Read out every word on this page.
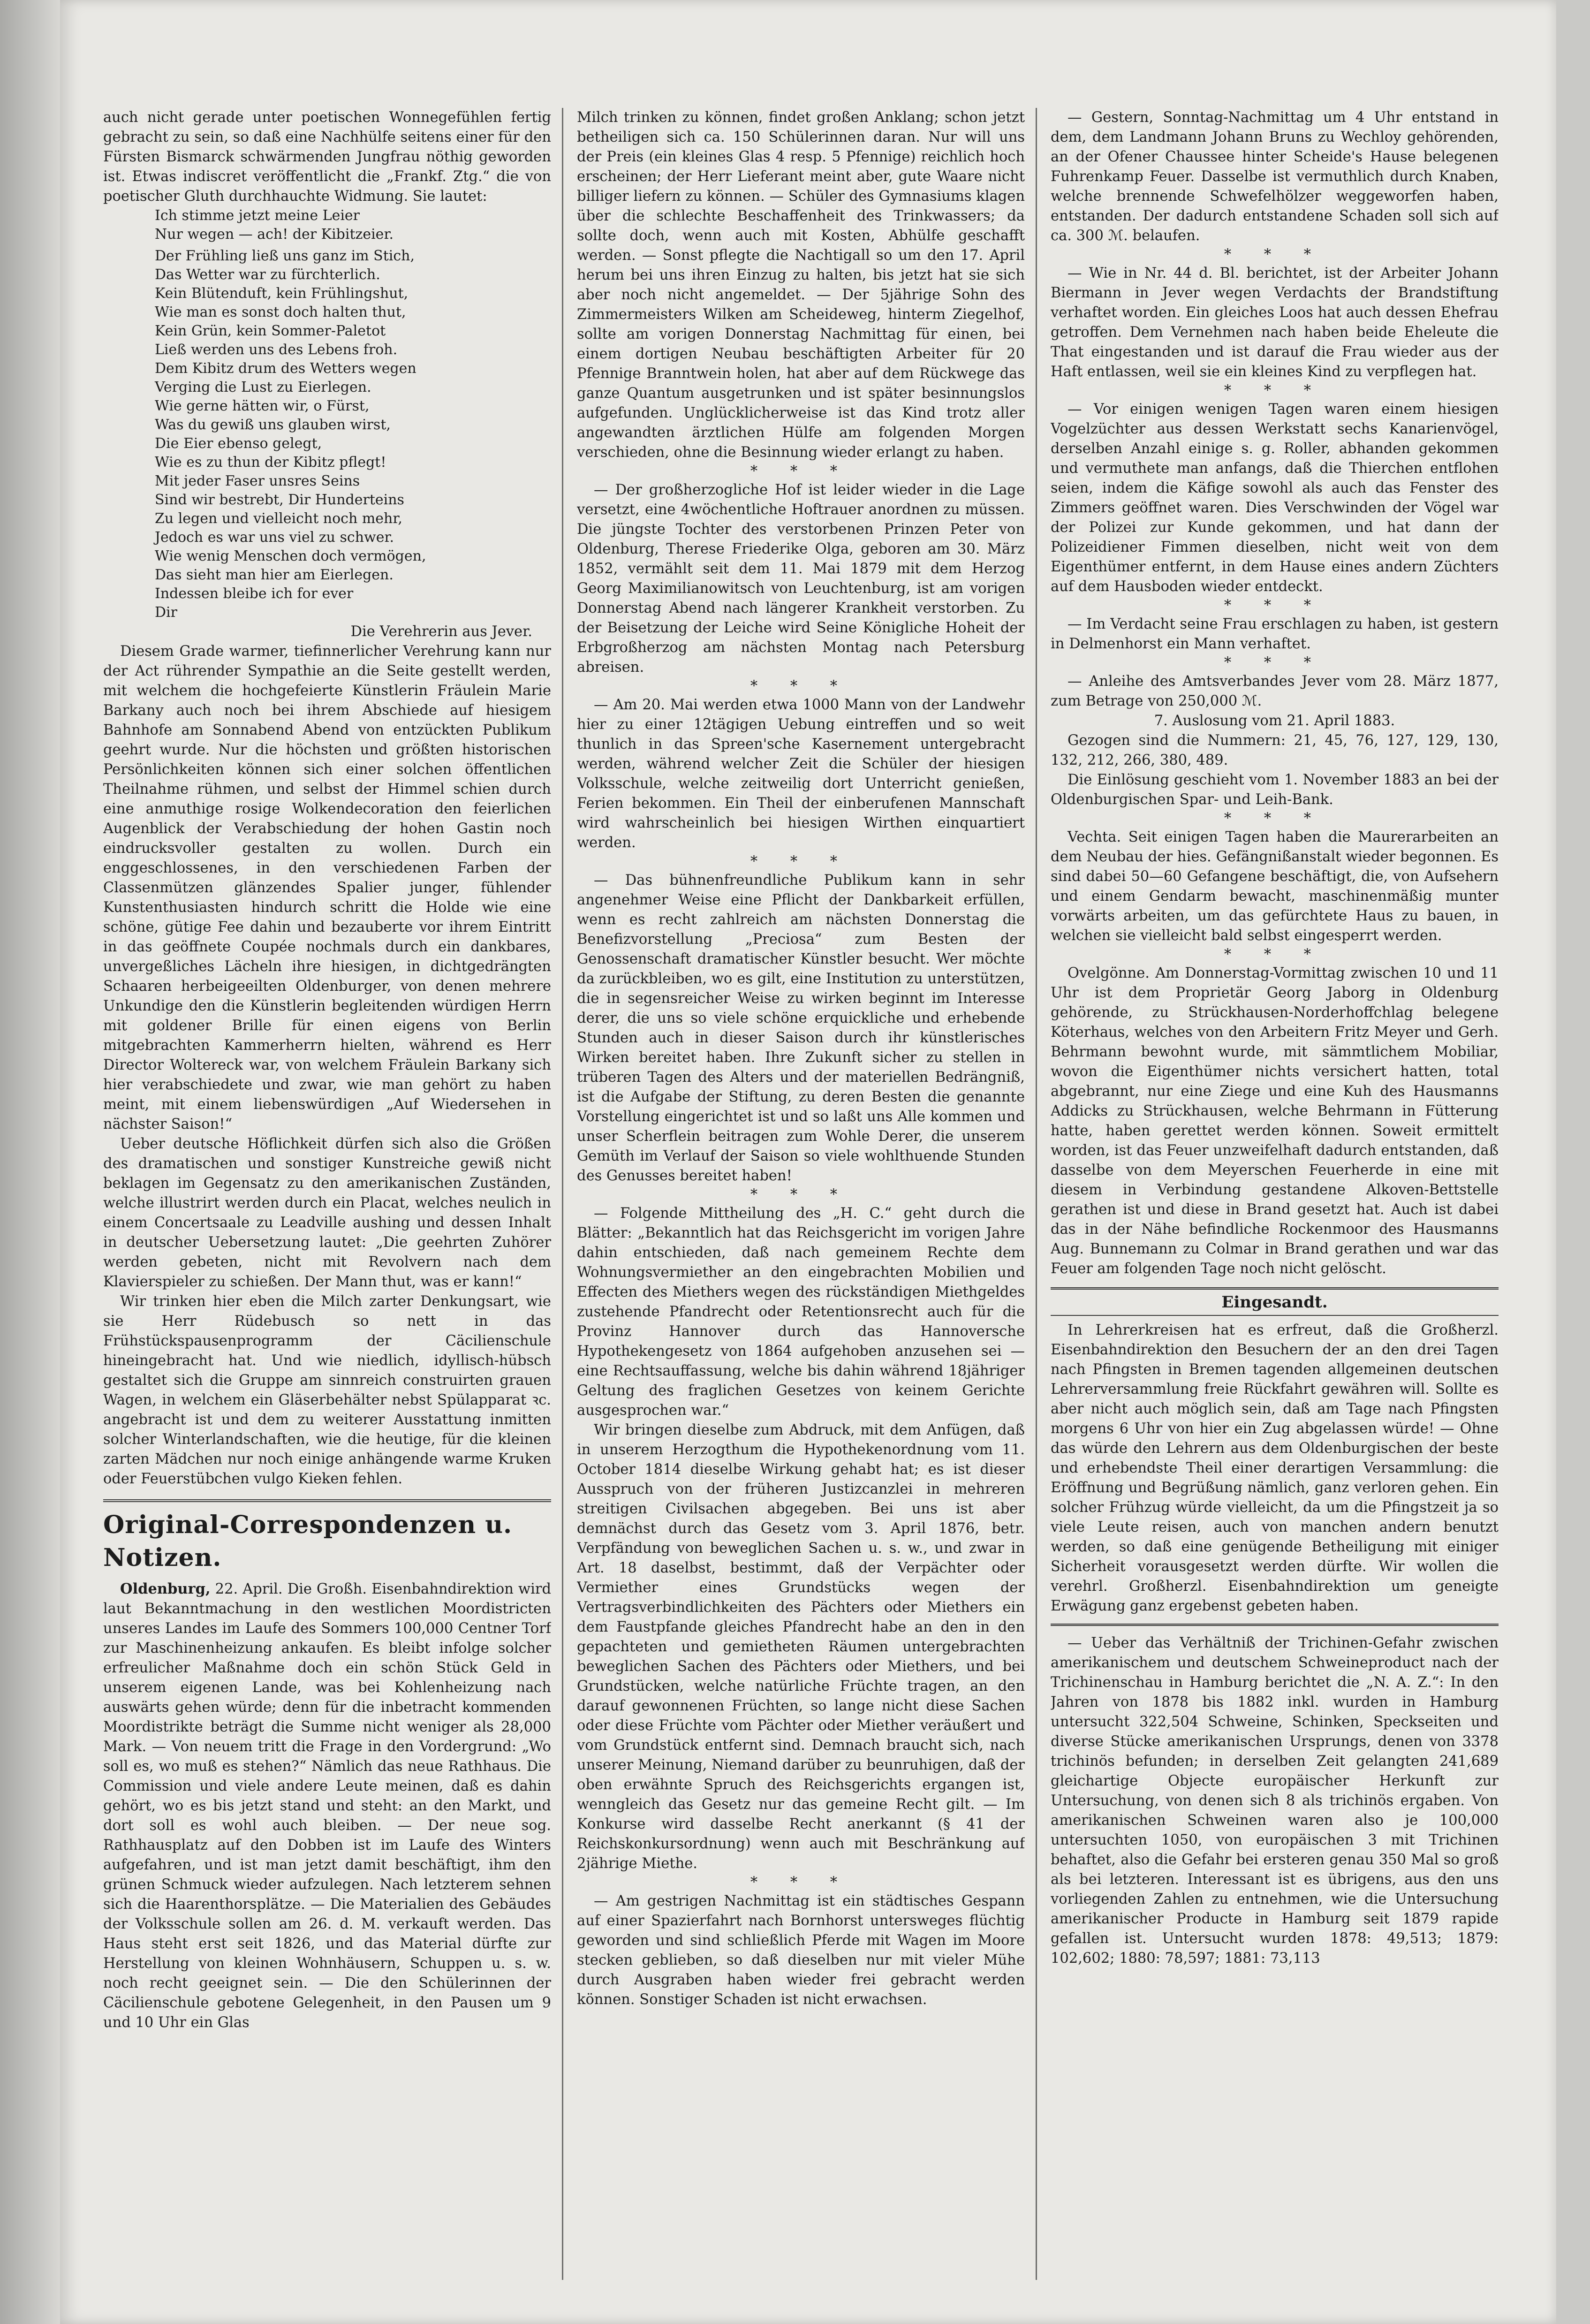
auch nicht gerade unter poetischen Wonnegefühlen fertig gebracht zu sein, so daß eine Nachhülfe seitens einer für den Fürsten Bismarck schwärmenden Jungfrau nöthig geworden ist. Etwas indiscret veröffentlicht die „Frankf. Ztg.“ die von poetischer Gluth durchhauchte Widmung. Sie lautet:

Ich stimme jetzt meine Leier
Nur wegen — ach! der Kibitzeier.
Der Frühling ließ uns ganz im Stich,
Das Wetter war zu fürchterlich.
Kein Blütenduft, kein Frühlingshut,
Wie man es sonst doch halten thut,
Kein Grün, kein Sommer-Paletot
Ließ werden uns des Lebens froh.
Dem Kibitz drum des Wetters wegen
Verging die Lust zu Eierlegen.
Wie gerne hätten wir, o Fürst,
Was du gewiß uns glauben wirst,
Die Eier ebenso gelegt,
Wie es zu thun der Kibitz pflegt!
Mit jeder Faser unsres Seins
Sind wir bestrebt, Dir Hunderteins
Zu legen und vielleicht noch mehr,
Jedoch es war uns viel zu schwer.
Wie wenig Menschen doch vermögen,
Das sieht man hier am Eierlegen.
Indessen bleibe ich for ever
Dir

Die Verehrerin aus Jever.

Diesem Grade warmer, tiefinnerlicher Verehrung kann nur der Act rührender Sympathie an die Seite gestellt werden, mit welchem die hochgefeierte Künstlerin Fräulein Marie Barkany auch noch bei ihrem Abschiede auf hiesigem Bahnhofe am Sonnabend Abend von entzückten Publikum geehrt wurde. Nur die höchsten und größten historischen Persönlichkeiten können sich einer solchen öffentlichen Theilnahme rühmen, und selbst der Himmel schien durch eine anmuthige rosige Wolkendecoration den feierlichen Augenblick der Verabschiedung der hohen Gastin noch eindrucksvoller gestalten zu wollen. Durch ein enggeschlossenes, in den verschiedenen Farben der Classenmützen glänzendes Spalier junger, fühlender Kunstenthusiasten hindurch schritt die Holde wie eine schöne, gütige Fee dahin und bezauberte vor ihrem Eintritt in das geöffnete Coupée nochmals durch ein dankbares, unvergeßliches Lächeln ihre hiesigen, in dichtgedrängten Schaaren herbeigeeilten Oldenburger, von denen mehrere Unkundige den die Künstlerin begleitenden würdigen Herrn mit goldener Brille für einen eigens von Berlin mitgebrachten Kammerherrn hielten, während es Herr Director Woltereck war, von welchem Fräulein Barkany sich hier verabschiedete und zwar, wie man gehört zu haben meint, mit einem liebenswürdigen „Auf Wiedersehen in nächster Saison!“

Ueber deutsche Höflichkeit dürfen sich also die Größen des dramatischen und sonstiger Kunstreiche gewiß nicht beklagen im Gegensatz zu den amerikanischen Zuständen, welche illustrirt werden durch ein Placat, welches neulich in einem Concertsaale zu Leadville aushing und dessen Inhalt in deutscher Uebersetzung lautet: „Die geehrten Zuhörer werden gebeten, nicht mit Revolvern nach dem Klavierspieler zu schießen. Der Mann thut, was er kann!“

Wir trinken hier eben die Milch zarter Denkungsart, wie sie Herr Rüdebusch so nett in das Frühstückspausenprogramm der Cäcilienschule hineingebracht hat. Und wie niedlich, idyllisch-hübsch gestaltet sich die Gruppe am sinnreich construirten grauen Wagen, in welchem ein Gläserbehälter nebst Spülapparat ꝛc. angebracht ist und dem zu weiterer Ausstattung inmitten solcher Winterlandschaften, wie die heutige, für die kleinen zarten Mädchen nur noch einige anhängende warme Kruken oder Feuerstübchen vulgo Kieken fehlen.

Original-Correspondenzen u. Notizen.

Oldenburg, 22. April. Die Großh. Eisenbahndirektion wird laut Bekanntmachung in den westlichen Moordistricten unseres Landes im Laufe des Sommers 100,000 Centner Torf zur Maschinenheizung ankaufen. Es bleibt infolge solcher erfreulicher Maßnahme doch ein schön Stück Geld in unserem eigenen Lande, was bei Kohlenheizung nach auswärts gehen würde; denn für die inbetracht kommenden Moordistrikte beträgt die Summe nicht weniger als 28,000 Mark. — Von neuem tritt die Frage in den Vordergrund: „Wo soll es, wo muß es stehen?“ Nämlich das neue Rathhaus. Die Commission und viele andere Leute meinen, daß es dahin gehört, wo es bis jetzt stand und steht: an den Markt, und dort soll es wohl auch bleiben. — Der neue sog. Rathhausplatz auf den Dobben ist im Laufe des Winters aufgefahren, und ist man jetzt damit beschäftigt, ihm den grünen Schmuck wieder aufzulegen. Nach letzterem sehnen sich die Haarenthorsplätze. — Die Materialien des Gebäudes der Volksschule sollen am 26. d. M. verkauft werden. Das Haus steht erst seit 1826, und das Material dürfte zur Herstellung von kleinen Wohnhäusern, Schuppen u. s. w. noch recht geeignet sein. — Die den Schülerinnen der Cäcilienschule gebotene Gelegenheit, in den Pausen um 9 und 10 Uhr ein Glas

Milch trinken zu können, findet großen Anklang; schon jetzt betheiligen sich ca. 150 Schülerinnen daran. Nur will uns der Preis (ein kleines Glas 4 resp. 5 Pfennige) reichlich hoch erscheinen; der Herr Lieferant meint aber, gute Waare nicht billiger liefern zu können. — Schüler des Gymnasiums klagen über die schlechte Beschaffenheit des Trinkwassers; da sollte doch, wenn auch mit Kosten, Abhülfe geschafft werden. — Sonst pflegte die Nachtigall so um den 17. April herum bei uns ihren Einzug zu halten, bis jetzt hat sie sich aber noch nicht angemeldet. — Der 5jährige Sohn des Zimmermeisters Wilken am Scheideweg, hinterm Ziegelhof, sollte am vorigen Donnerstag Nachmittag für einen, bei einem dortigen Neubau beschäftigten Arbeiter für 20 Pfennige Branntwein holen, hat aber auf dem Rückwege das ganze Quantum ausgetrunken und ist später besinnungslos aufgefunden. Unglücklicherweise ist das Kind trotz aller angewandten ärztlichen Hülfe am folgenden Morgen verschieden, ohne die Besinnung wieder erlangt zu haben.

* * *

— Der großherzogliche Hof ist leider wieder in die Lage versetzt, eine 4wöchentliche Hoftrauer anordnen zu müssen. Die jüngste Tochter des verstorbenen Prinzen Peter von Oldenburg, Therese Friederike Olga, geboren am 30. März 1852, vermählt seit dem 11. Mai 1879 mit dem Herzog Georg Maximilianowitsch von Leuchtenburg, ist am vorigen Donnerstag Abend nach längerer Krankheit verstorben. Zu der Beisetzung der Leiche wird Seine Königliche Hoheit der Erbgroßherzog am nächsten Montag nach Petersburg abreisen.

* * *

— Am 20. Mai werden etwa 1000 Mann von der Landwehr hier zu einer 12tägigen Uebung eintreffen und so weit thunlich in das Spreen'sche Kasernement untergebracht werden, während welcher Zeit die Schüler der hiesigen Volksschule, welche zeitweilig dort Unterricht genießen, Ferien bekommen. Ein Theil der einberufenen Mannschaft wird wahrscheinlich bei hiesigen Wirthen einquartiert werden.

* * *

— Das bühnenfreundliche Publikum kann in sehr angenehmer Weise eine Pflicht der Dankbarkeit erfüllen, wenn es recht zahlreich am nächsten Donnerstag die Benefizvorstellung „Preciosa“ zum Besten der Genossenschaft dramatischer Künstler besucht. Wer möchte da zurückbleiben, wo es gilt, eine Institution zu unterstützen, die in segensreicher Weise zu wirken beginnt im Interesse derer, die uns so viele schöne erquickliche und erhebende Stunden auch in dieser Saison durch ihr künstlerisches Wirken bereitet haben. Ihre Zukunft sicher zu stellen in trüberen Tagen des Alters und der materiellen Bedrängniß, ist die Aufgabe der Stiftung, zu deren Besten die genannte Vorstellung eingerichtet ist und so laßt uns Alle kommen und unser Scherflein beitragen zum Wohle Derer, die unserem Gemüth im Verlauf der Saison so viele wohlthuende Stunden des Genusses bereitet haben!

* * *

— Folgende Mittheilung des „H. C.“ geht durch die Blätter: „Bekanntlich hat das Reichsgericht im vorigen Jahre dahin entschieden, daß nach gemeinem Rechte dem Wohnungsvermiether an den eingebrachten Mobilien und Effecten des Miethers wegen des rückständigen Miethgeldes zustehende Pfandrecht oder Retentionsrecht auch für die Provinz Hannover durch das Hannoversche Hypothekengesetz von 1864 aufgehoben anzusehen sei — eine Rechtsauffassung, welche bis dahin während 18jähriger Geltung des fraglichen Gesetzes von keinem Gerichte ausgesprochen war.“

Wir bringen dieselbe zum Abdruck, mit dem Anfügen, daß in unserem Herzogthum die Hypothekenordnung vom 11. October 1814 dieselbe Wirkung gehabt hat; es ist dieser Ausspruch von der früheren Justizcanzlei in mehreren streitigen Civilsachen abgegeben. Bei uns ist aber demnächst durch das Gesetz vom 3. April 1876, betr. Verpfändung von beweglichen Sachen u. s. w., und zwar in Art. 18 daselbst, bestimmt, daß der Verpächter oder Vermiether eines Grundstücks wegen der Vertragsverbindlichkeiten des Pächters oder Miethers ein dem Faustpfande gleiches Pfandrecht habe an den in den gepachteten und gemietheten Räumen untergebrachten beweglichen Sachen des Pächters oder Miethers, und bei Grundstücken, welche natürliche Früchte tragen, an den darauf gewonnenen Früchten, so lange nicht diese Sachen oder diese Früchte vom Pächter oder Miether veräußert und vom Grundstück entfernt sind. Demnach braucht sich, nach unserer Meinung, Niemand darüber zu beunruhigen, daß der oben erwähnte Spruch des Reichsgerichts ergangen ist, wenngleich das Gesetz nur das gemeine Recht gilt. — Im Konkurse wird dasselbe Recht anerkannt (§ 41 der Reichskonkursordnung) wenn auch mit Beschränkung auf 2jährige Miethe.

* * *

— Am gestrigen Nachmittag ist ein städtisches Gespann auf einer Spazierfahrt nach Bornhorst untersweges flüchtig geworden und sind schließlich Pferde mit Wagen im Moore stecken geblieben, so daß dieselben nur mit vieler Mühe durch Ausgraben haben wieder frei gebracht werden können. Sonstiger Schaden ist nicht erwachsen.

— Gestern, Sonntag-Nachmittag um 4 Uhr entstand in dem, dem Landmann Johann Bruns zu Wechloy gehörenden, an der Ofener Chaussee hinter Scheide's Hause belegenen Fuhrenkamp Feuer. Dasselbe ist vermuthlich durch Knaben, welche brennende Schwefelhölzer weggeworfen haben, entstanden. Der dadurch entstandene Schaden soll sich auf ca. 300 ℳ. belaufen.

* * *

— Wie in Nr. 44 d. Bl. berichtet, ist der Arbeiter Johann Biermann in Jever wegen Verdachts der Brandstiftung verhaftet worden. Ein gleiches Loos hat auch dessen Ehefrau getroffen. Dem Vernehmen nach haben beide Eheleute die That eingestanden und ist darauf die Frau wieder aus der Haft entlassen, weil sie ein kleines Kind zu verpflegen hat.

* * *

— Vor einigen wenigen Tagen waren einem hiesigen Vogelzüchter aus dessen Werkstatt sechs Kanarienvögel, derselben Anzahl einige s. g. Roller, abhanden gekommen und vermuthete man anfangs, daß die Thierchen entflohen seien, indem die Käfige sowohl als auch das Fenster des Zimmers geöffnet waren. Dies Verschwinden der Vögel war der Polizei zur Kunde gekommen, und hat dann der Polizeidiener Fimmen dieselben, nicht weit von dem Eigenthümer entfernt, in dem Hause eines andern Züchters auf dem Hausboden wieder entdeckt.

* * *

— Im Verdacht seine Frau erschlagen zu haben, ist gestern in Delmenhorst ein Mann verhaftet.

* * *

— Anleihe des Amtsverbandes Jever vom 28. März 1877, zum Betrage von 250,000 ℳ.

7. Auslosung vom 21. April 1883.

Gezogen sind die Nummern: 21, 45, 76, 127, 129, 130, 132, 212, 266, 380, 489.

Die Einlösung geschieht vom 1. November 1883 an bei der Oldenburgischen Spar- und Leih-Bank.

* * *

Vechta. Seit einigen Tagen haben die Maurerarbeiten an dem Neubau der hies. Gefängnißanstalt wieder begonnen. Es sind dabei 50—60 Gefangene beschäftigt, die, von Aufsehern und einem Gendarm bewacht, maschinenmäßig munter vorwärts arbeiten, um das gefürchtete Haus zu bauen, in welchen sie vielleicht bald selbst eingesperrt werden.

* * *

Ovelgönne. Am Donnerstag-Vormittag zwischen 10 und 11 Uhr ist dem Proprietär Georg Jaborg in Oldenburg gehörende, zu Strückhausen-Norderhoffchlag belegene Köterhaus, welches von den Arbeitern Fritz Meyer und Gerh. Behrmann bewohnt wurde, mit sämmtlichem Mobiliar, wovon die Eigenthümer nichts versichert hatten, total abgebrannt, nur eine Ziege und eine Kuh des Hausmanns Addicks zu Strückhausen, welche Behrmann in Fütterung hatte, haben gerettet werden können. Soweit ermittelt worden, ist das Feuer unzweifelhaft dadurch entstanden, daß dasselbe von dem Meyerschen Feuerherde in eine mit diesem in Verbindung gestandene Alkoven-Bettstelle gerathen ist und diese in Brand gesetzt hat. Auch ist dabei das in der Nähe befindliche Rockenmoor des Hausmanns Aug. Bunnemann zu Colmar in Brand gerathen und war das Feuer am folgenden Tage noch nicht gelöscht.

Eingesandt.

In Lehrerkreisen hat es erfreut, daß die Großherzl. Eisenbahndirektion den Besuchern der an den drei Tagen nach Pfingsten in Bremen tagenden allgemeinen deutschen Lehrerversammlung freie Rückfahrt gewähren will. Sollte es aber nicht auch möglich sein, daß am Tage nach Pfingsten morgens 6 Uhr von hier ein Zug abgelassen würde! — Ohne das würde den Lehrern aus dem Oldenburgischen der beste und erhebendste Theil einer derartigen Versammlung: die Eröffnung und Begrüßung nämlich, ganz verloren gehen. Ein solcher Frühzug würde vielleicht, da um die Pfingstzeit ja so viele Leute reisen, auch von manchen andern benutzt werden, so daß eine genügende Betheiligung mit einiger Sicherheit vorausgesetzt werden dürfte. Wir wollen die verehrl. Großherzl. Eisenbahndirektion um geneigte Erwägung ganz ergebenst gebeten haben.

— Ueber das Verhältniß der Trichinen-Gefahr zwischen amerikanischem und deutschem Schweineproduct nach der Trichinenschau in Hamburg berichtet die „N. A. Z.“: In den Jahren von 1878 bis 1882 inkl. wurden in Hamburg untersucht 322,504 Schweine, Schinken, Speckseiten und diverse Stücke amerikanischen Ursprungs, denen von 3378 trichinös befunden; in derselben Zeit gelangten 241,689 gleichartige Objecte europäischer Herkunft zur Untersuchung, von denen sich 8 als trichinös ergaben. Von amerikanischen Schweinen waren also je 100,000 untersuchten 1050, von europäischen 3 mit Trichinen behaftet, also die Gefahr bei ersteren genau 350 Mal so groß als bei letzteren. Interessant ist es übrigens, aus den uns vorliegenden Zahlen zu entnehmen, wie die Untersuchung amerikanischer Producte in Hamburg seit 1879 rapide gefallen ist. Untersucht wurden 1878: 49,513; 1879: 102,602; 1880: 78,597; 1881: 73,113
